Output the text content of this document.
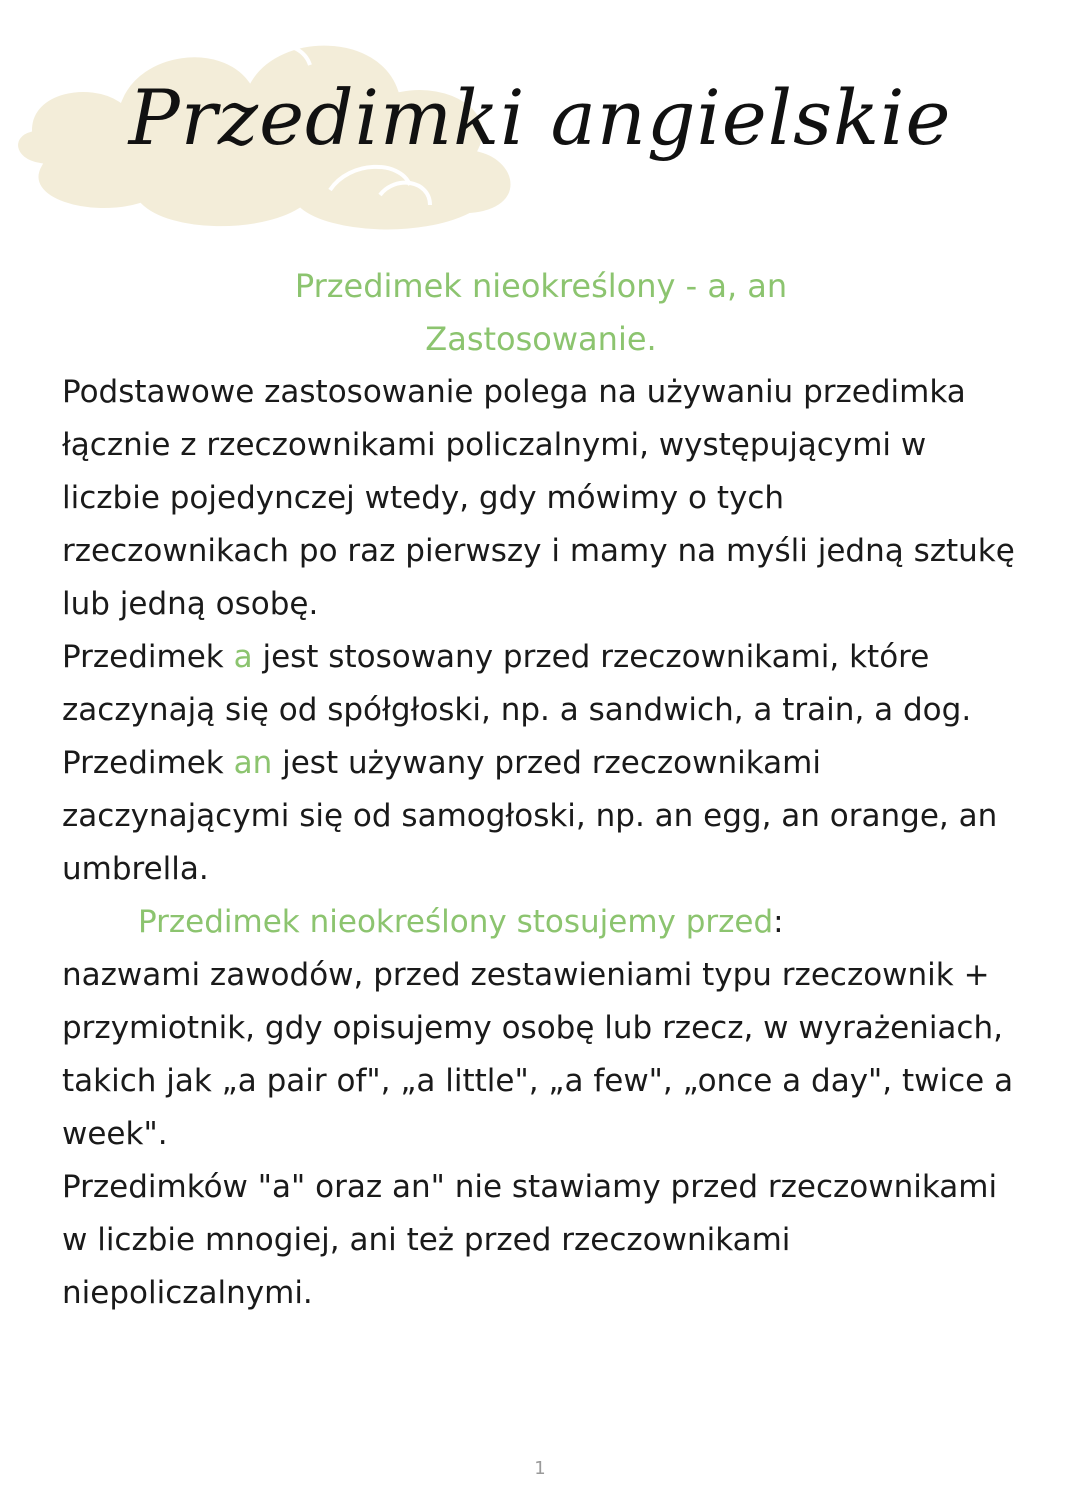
Przedimki angielskie
Przedimek nieokreślony - a, an
Zastosowanie.

Podstawowe zastosowanie polega na używaniu przedimka łącznie z rzeczownikami policzalnymi, występującymi w liczbie pojedynczej wtedy, gdy mówimy o tych rzeczownikach po raz pierwszy i mamy na myśli jedną sztukę lub jedną osobę.

Przedimek a jest stosowany przed rzeczownikami, które zaczynają się od spółgłoski, np. a sandwich, a train, a dog.

Przedimek an jest używany przed rzeczownikami zaczynającymi się od samogłoski, np. an egg, an orange, an umbrella.

Przedimek nieokreślony stosujemy przed:
nazwami zawodów, przed zestawieniami typu rzeczownik + przymiotnik, gdy opisujemy osobę lub rzecz, w wyrażeniach, takich jak „a pair of", „a little", „a few", „once a day", twice a week".

Przedimków "a" oraz an" nie stawiamy przed rzeczownikami w liczbie mnogiej, ani też przed rzeczownikami niepoliczalnymi.

1
